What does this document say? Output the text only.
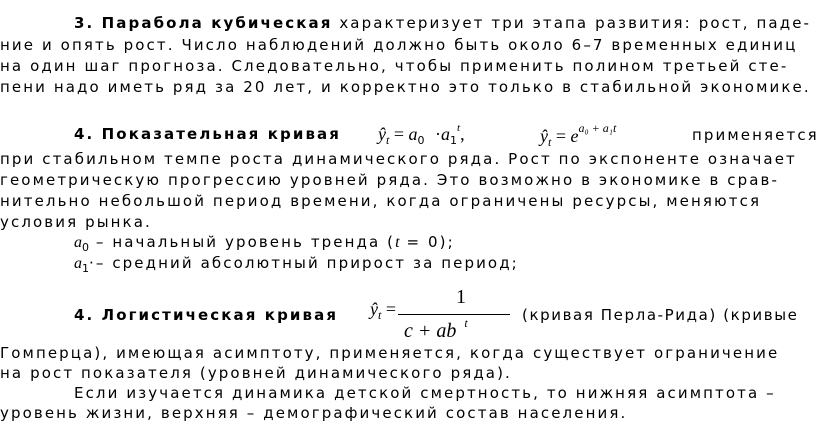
3. Парабола кубическая характеризует три этапа развития: рост, паде-
ние и опять рост. Число наблюдений должно быть около 6–7 временных единиц
на один шаг прогноза. Следовательно, чтобы применить полином третьей сте-
пени надо иметь ряд за 20 лет, и корректно это только в стабильной экономике.
4. Показательная кривая $ŷ_t = a_0 \cdot a_1^t$,	$ŷ_t = e^{a_0 + a_1t}$	применяется
при стабильном темпе роста динамического ряда. Рост по экспоненте означает
геометрическую прогрессию уровней ряда. Это возможно в экономике в срав-
нительно небольшой период времени, когда ограничены ресурсы, меняются
условия рынка.
$a_0$ – начальный уровень тренда (t = 0);
$a_1\cdot-$ средний абсолютный прирост за период;
4. Логистическая кривая $ŷ_t$ =
1
c + ab $^t$	(кривая Перла-Рида) (кривые
Гомперца), имеющая асимптоту, применяется, когда существует ограничение
на рост показателя (уровней динамического ряда).
Если изучается динамика детской смертность, то нижняя асимптота –
уровень жизни, верхняя – демографический состав населения.
